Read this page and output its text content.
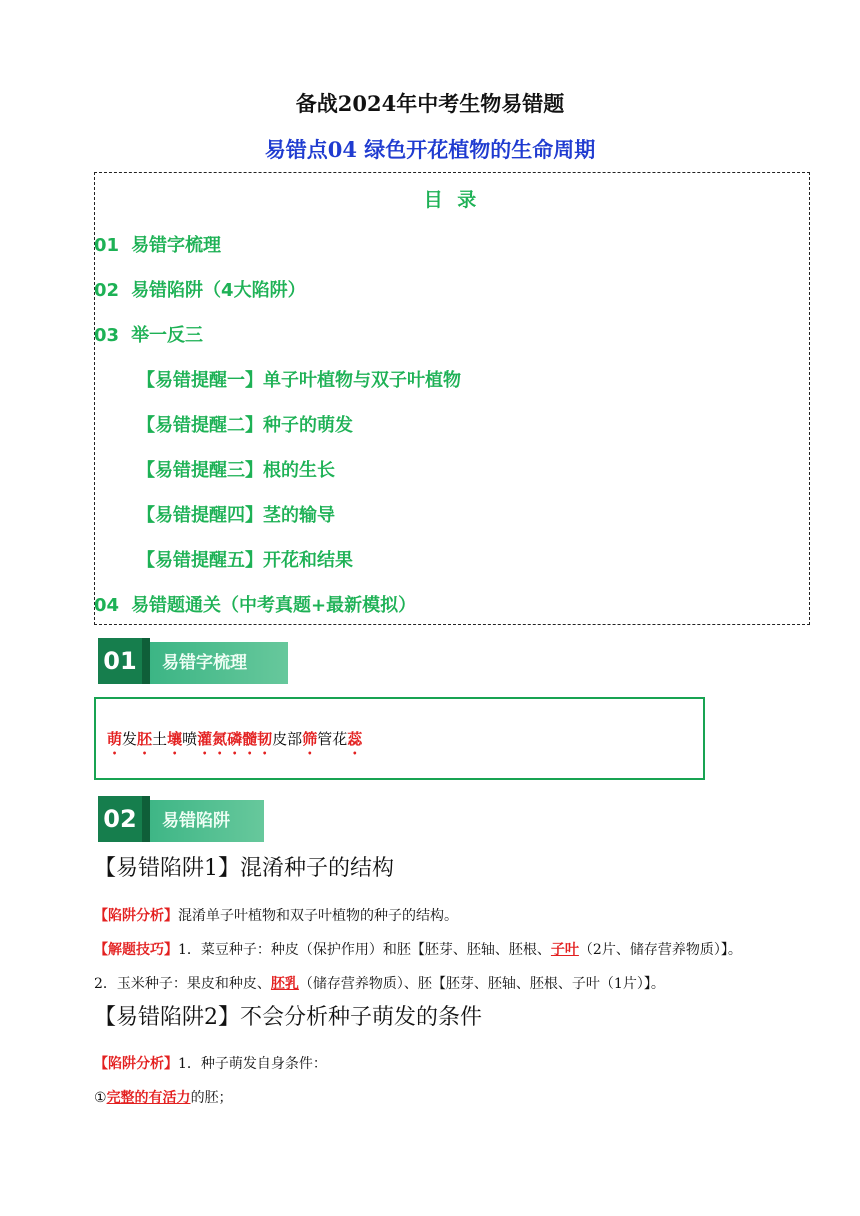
备战2024年中考生物易错题
易错点04 绿色开花植物的生命周期
目 录
01 易错字梳理
02 易错陷阱（4大陷阱）
03 举一反三
【易错提醒一】单子叶植物与双子叶植物
【易错提醒二】种子的萌发
【易错提醒三】根的生长
【易错提醒四】茎的输导
【易错提醒五】开花和结果
04 易错题通关（中考真题+最新模拟）
01	易错字梳理
萌发胚土壤喷灌氮磷髓韧皮部筛管花蕊
02	易错陷阱
【易错陷阱1】混淆种子的结构
【陷阱分析】混淆单子叶植物和双子叶植物的种子的结构。
【解题技巧】1．菜豆种子：种皮（保护作用）和胚【胚芽、胚轴、胚根、子叶（2片、储存营养物质）】。
2．玉米种子：果皮和种皮、胚乳（储存营养物质）、胚【胚芽、胚轴、胚根、子叶（1片）】。
【易错陷阱2】不会分析种子萌发的条件
【陷阱分析】1．种子萌发自身条件：
①完整的有活力的胚；
